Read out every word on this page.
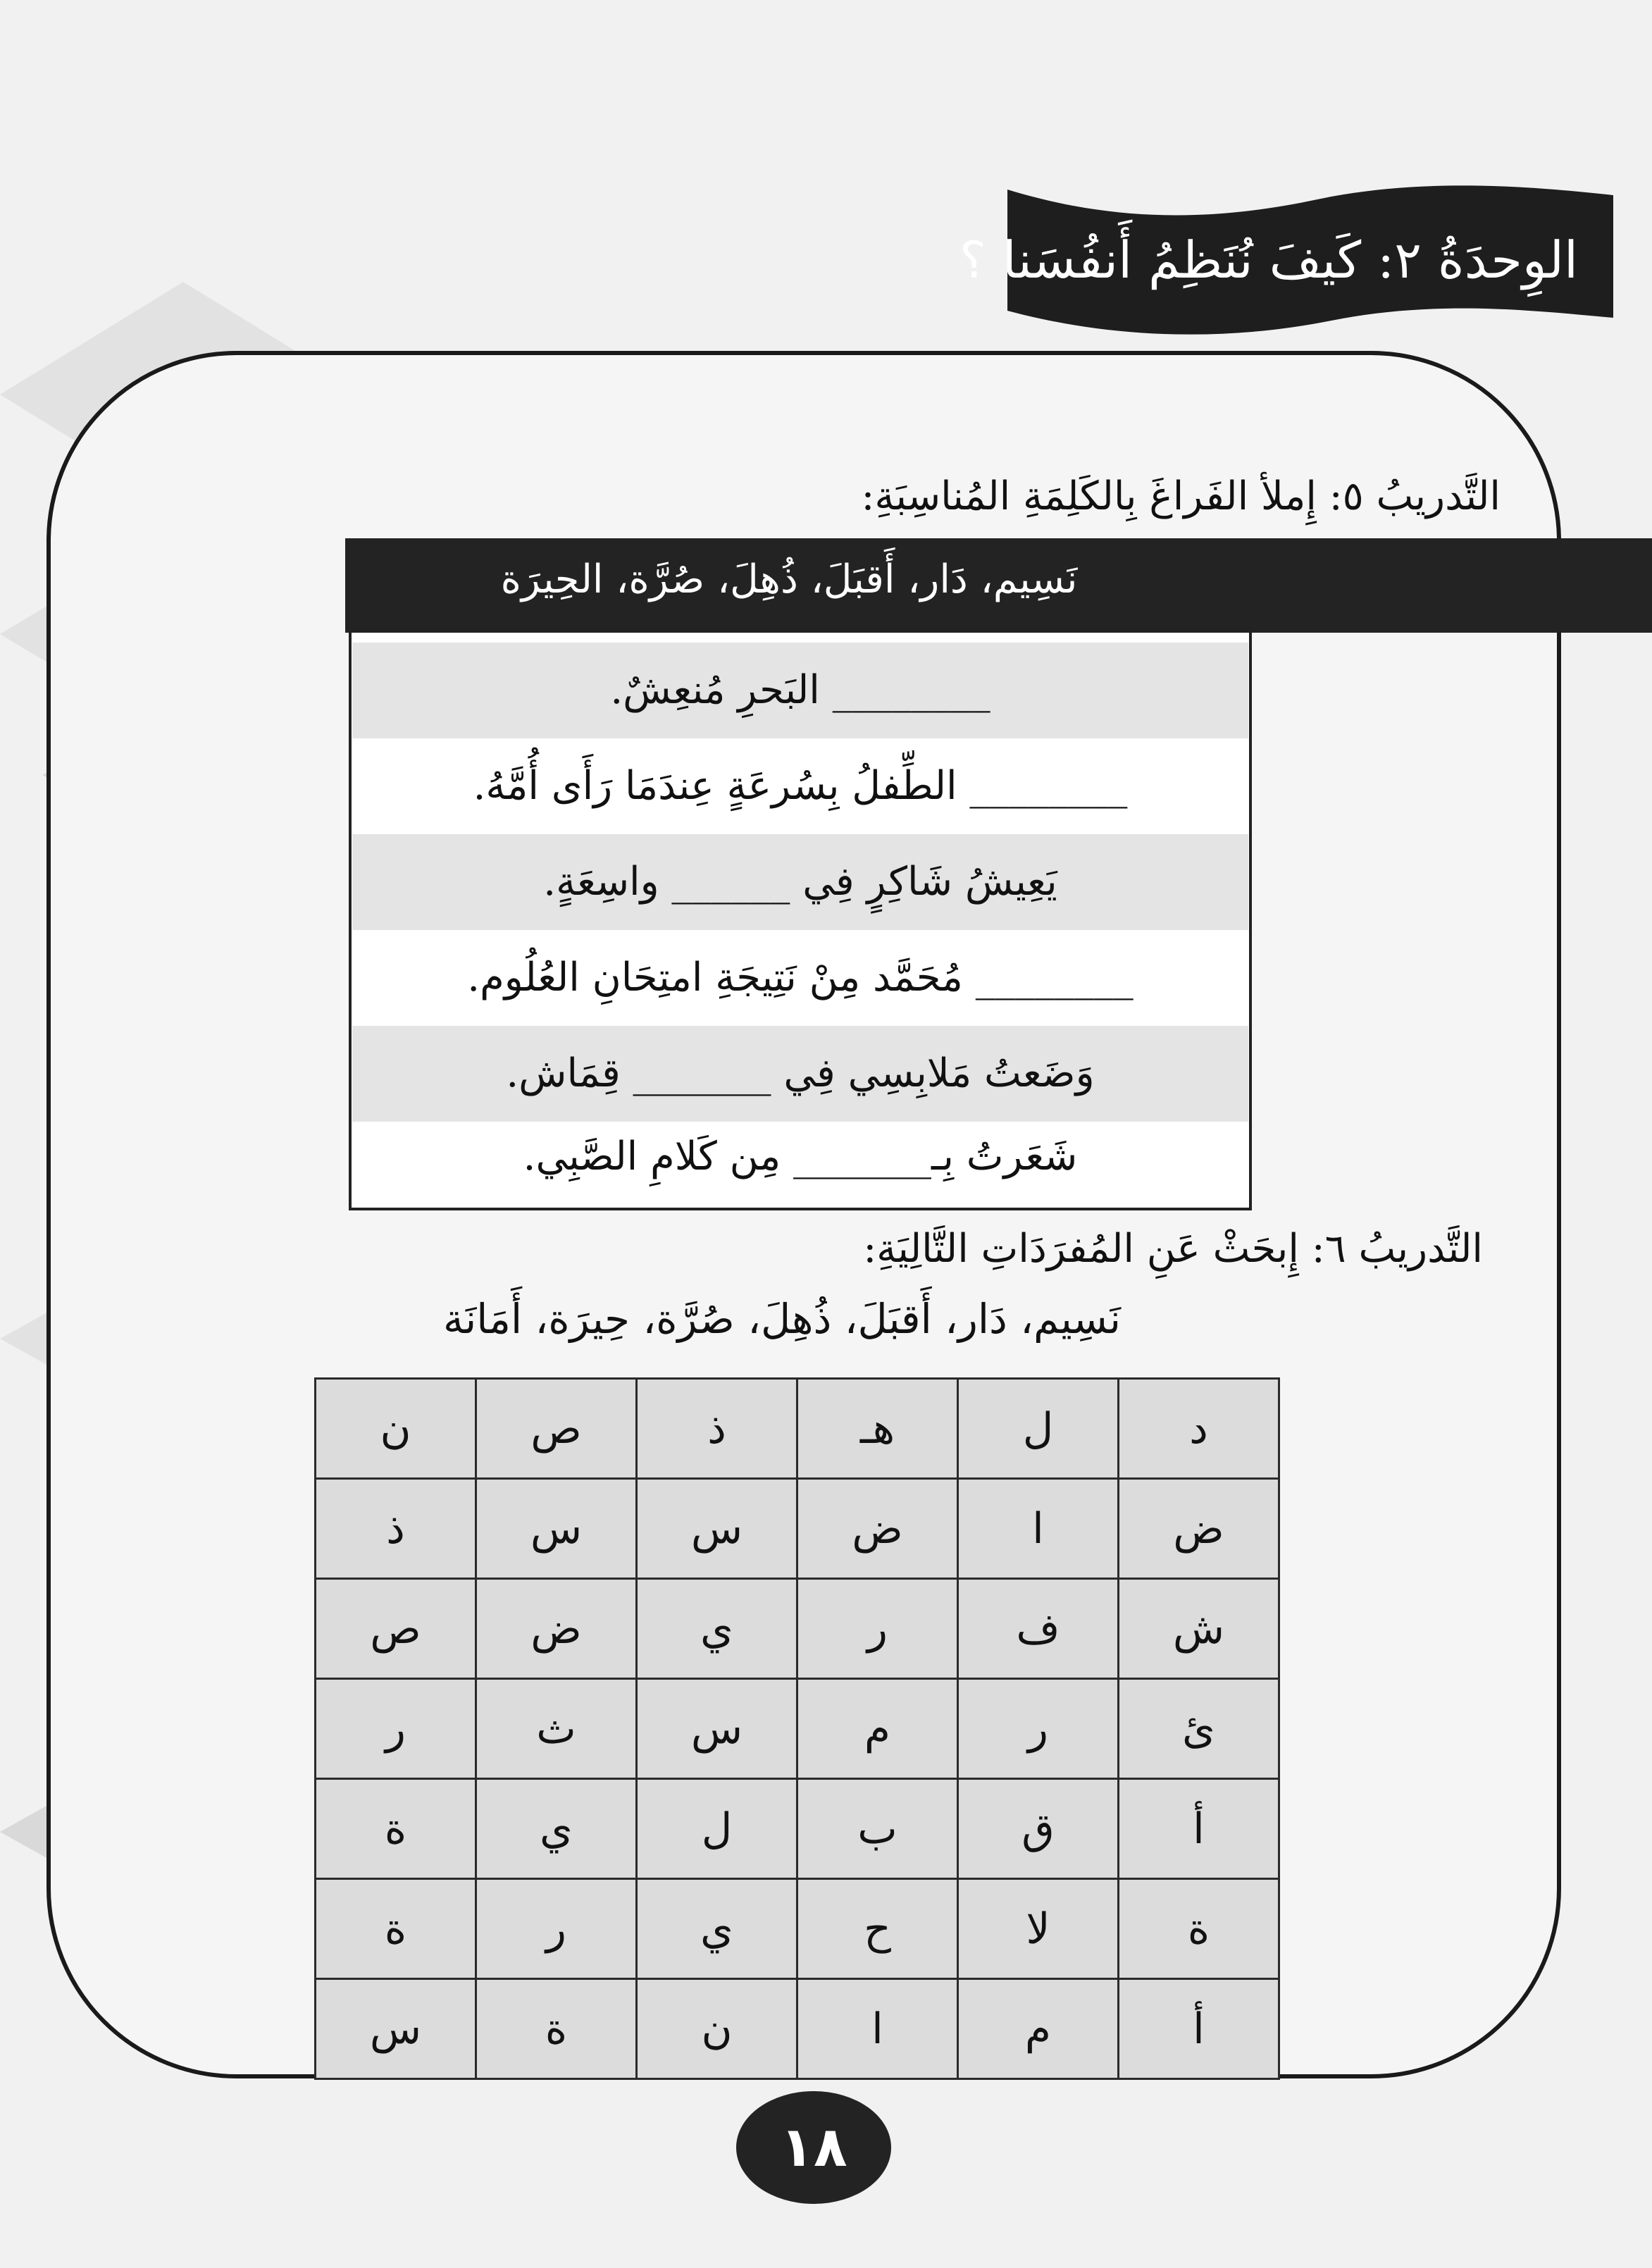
الوِحدَةُ ٢: كَيفَ نُنَظِمُ أَنفُسَنا ؟
التَّدريبُ ٥: إِملأ الفَراغَ بِالكَلِمَةِ المُناسِبَةِ:
نَسِيم، دَار، أَقبَلَ، ذُهِلَ، صُرَّة، الحِيرَة
________ البَحرِ مُنعِشٌ.
________ الطِّفلُ بِسُرعَةٍ عِندَمَا رَأَى أُمَّهُ.
يَعِيشُ شَاكِرٍ فِي ______ واسِعَةٍ.
________ مُحَمَّد مِنْ نَتِيجَةِ امتِحَانِ العُلُوم.
وَضَعتُ مَلابِسِي فِي _______ قِمَاش.
شَعَرتُ بِـ_______ مِن كَلامِ الصَّبِي.
التَّدريبُ ٦: إِبحَثْ عَنِ المُفرَدَاتِ التَّالِيَةِ:
نَسِيم، دَار، أَقبَلَ، ذُهِلَ، صُرَّة، حِيرَة، أَمَانَة
د	ل	هـ	ذ	ص	ن
ض	ا	ض	س	س	ذ
ش	ف	ر	ي	ض	ص
ئ	ر	م	س	ث	ر
أ	ق	ب	ل	ي	ة
ة	لا	ح	ي	ر	ة
أ	م	ا	ن	ة	س
١٨
